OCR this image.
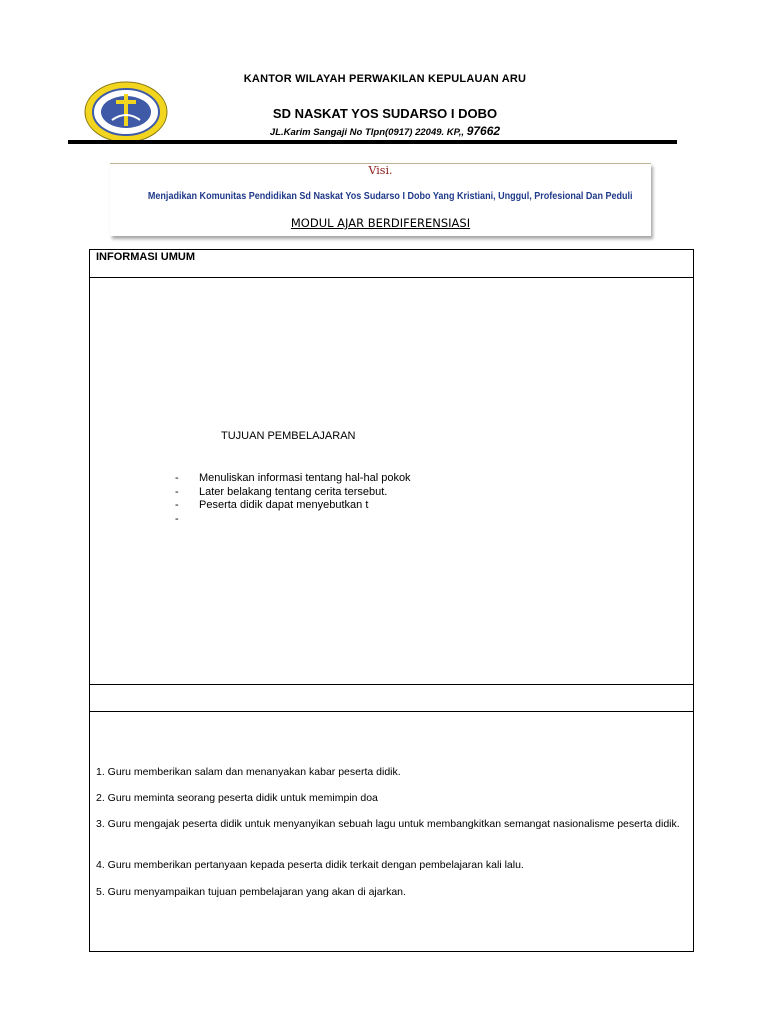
KANTOR WILAYAH PERWAKILAN KEPULAUAN ARU
SD NASKAT YOS SUDARSO I DOBO
JL.Karim Sangaji No Tlpn(0917) 22049. KP,, 97662
Visi.
Menjadikan Komunitas Pendidikan Sd Naskat Yos Sudarso I Dobo Yang Kristiani, Unggul, Profesional Dan Peduli
MODUL AJAR BERDIFERENSIASI
INFORMASI UMUM
TUJUAN PEMBELAJARAN
- Menuliskan informasi tentang hal-hal pokok
- Later belakang tentang cerita tersebut.
- Peserta didik dapat menyebutkan t
-
1. Guru memberikan salam dan menanyakan kabar peserta didik.
2. Guru meminta seorang peserta didik untuk memimpin doa
3. Guru mengajak peserta didik untuk menyanyikan sebuah lagu untuk membangkitkan semangat nasionalisme peserta didik.
4. Guru memberikan pertanyaan kepada peserta didik terkait dengan pembelajaran kali lalu.
5. Guru menyampaikan tujuan pembelajaran yang akan di ajarkan.
